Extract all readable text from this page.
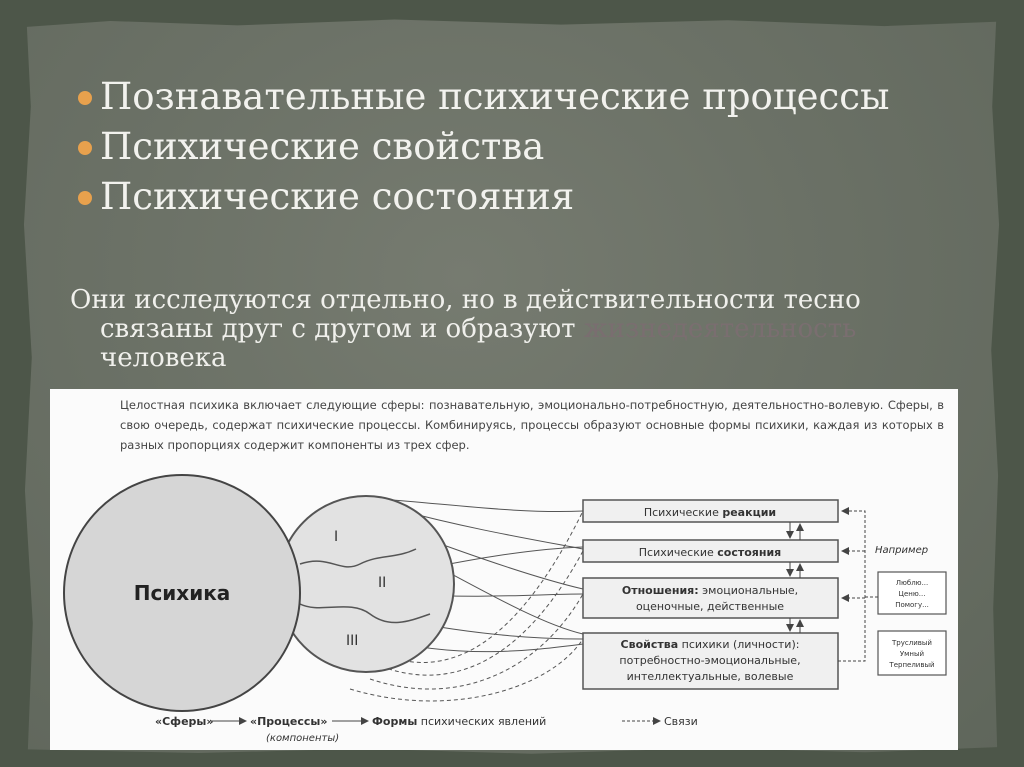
Познавательные психические процессы
Психические свойства
Психические состояния
Они исследуются отдельно, но в действительности тесно
связаны друг с другом и образуют жизнедеятельность
человека

Целостная психика включает следующие сферы: познавательную, эмоционально-потребностную, деятельностно-волевую. Сферы, в свою очередь, содержат психические процессы. Комбинируясь, процессы образуют основные формы психики, каждая из которых в разных пропорциях содержит компоненты из трех сфер.

I
II
III
Психика
Психические реакции
Психические состояния
Отношения: эмоциональные,
оценочные, действенные
Свойства психики (личности):
потребностно-эмоциональные,
интеллектуальные, волевые
Например
Люблю...
Ценю...
Помогу...
Трусливый
Умный
Терпеливый
«Сферы»	«Процессы»	Формы психических явлений	Связи
(компоненты)
